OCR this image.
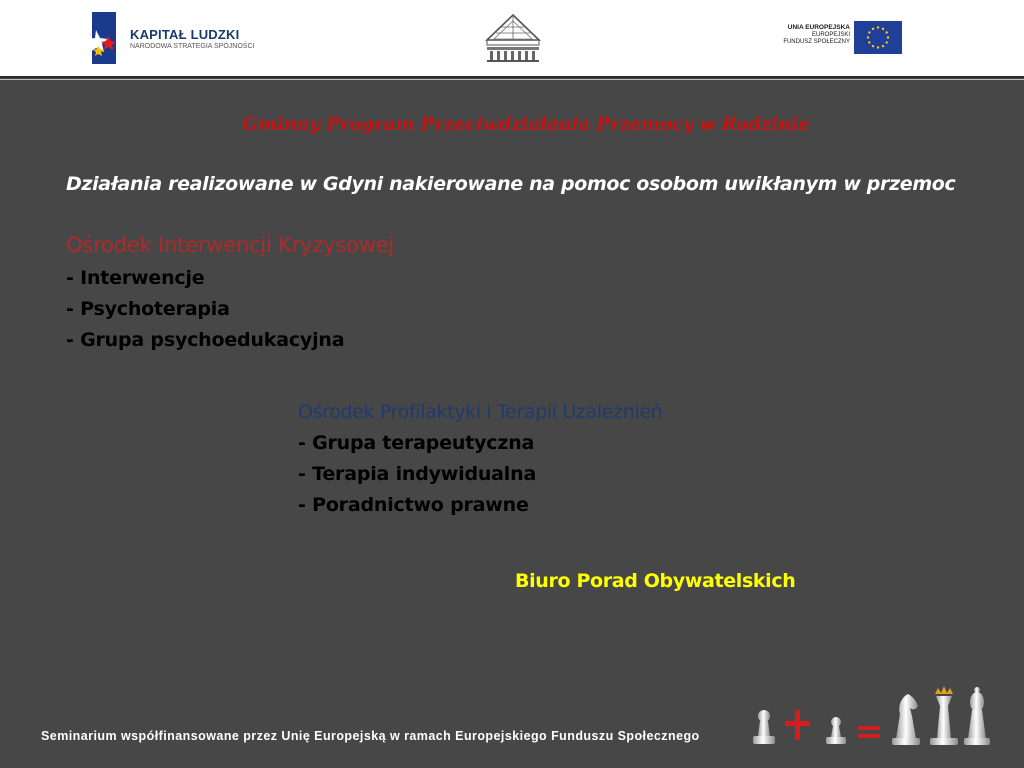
KAPITAŁ LUDZKI
NARODOWA STRATEGIA SPÓJNOŚCI
UNIA EUROPEJSKA
EUROPEJSKI
FUNDUSZ SPOŁECZNY

Gminny Program Przeciwdziałania Przemocy w Rodzinie

Działania realizowane w Gdyni nakierowane na pomoc osobom uwikłanym w przemoc

Ośrodek Interwencji Kryzysowej

- Interwencje

- Psychoterapia

- Grupa psychoedukacyjna

Ośrodek Profilaktyki i Terapii Uzależnień

- Grupa terapeutyczna

- Terapia indywidualna

- Poradnictwo prawne

Biuro Porad Obywatelskich

Seminarium współfinansowane przez Unię Europejską w ramach Europejskiego Funduszu Społecznego
